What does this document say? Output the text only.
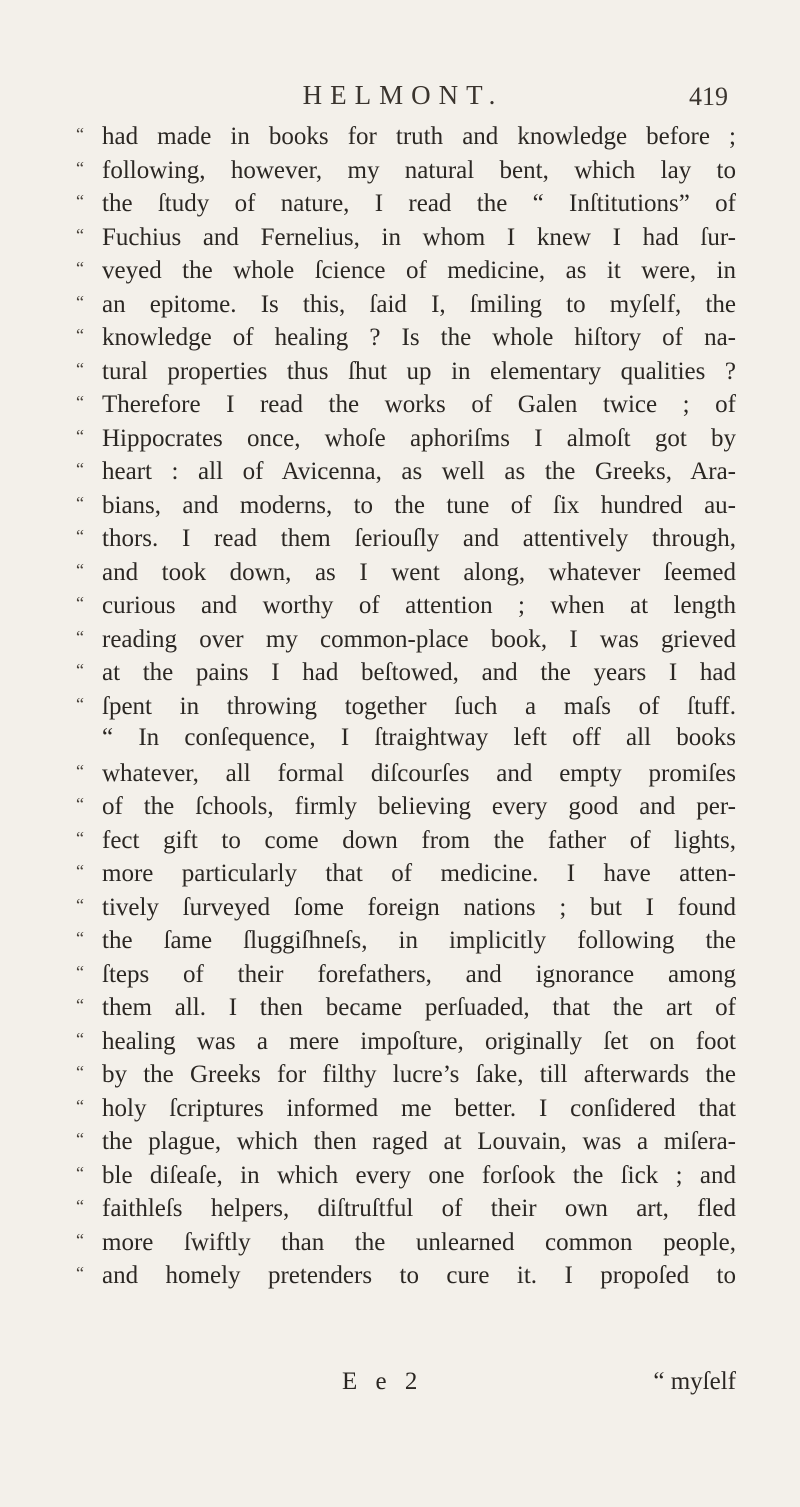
HELMONT.	419
“ had made in books for truth and knowledge before ;
“ following, however, my natural bent, which lay to
“ the ſtudy of nature, I read the “ Inſtitutions” of
“ Fuchius and Fernelius, in whom I knew I had ſur-
“ veyed the whole ſcience of medicine, as it were, in
“ an epitome. Is this, ſaid I, ſmiling to myſelf, the
“ knowledge of healing ? Is the whole hiſtory of na-
“ tural properties thus ſhut up in elementary qualities ?
“ Therefore I read the works of Galen twice ; of
“ Hippocrates once, whoſe aphoriſms I almoſt got by
“ heart : all of Avicenna, as well as the Greeks, Ara-
“ bians, and moderns, to the tune of ſix hundred au-
“ thors. I read them ſeriouſly and attentively through,
“ and took down, as I went along, whatever ſeemed
“ curious and worthy of attention ; when at length
“ reading over my common-place book, I was grieved
“ at the pains I had beſtowed, and the years I had
“ ſpent in throwing together ſuch a maſs of ſtuff.
“ In conſequence, I ſtraightway left off all books
“ whatever, all formal diſcourſes and empty promiſes
“ of the ſchools, firmly believing every good and per-
“ fect gift to come down from the father of lights,
“ more particularly that of medicine. I have atten-
“ tively ſurveyed ſome foreign nations ; but I found
“ the ſame ſluggiſhneſs, in implicitly following the
“ ſteps of their forefathers, and ignorance among
“ them all. I then became perſuaded, that the art of
“ healing was a mere impoſture, originally ſet on foot
“ by the Greeks for filthy lucre’s ſake, till afterwards the
“ holy ſcriptures informed me better. I conſidered that
“ the plague, which then raged at Louvain, was a miſera-
“ ble diſeaſe, in which every one forſook the ſick ; and
“ faithleſs helpers, diſtruſtful of their own art, fled
“ more ſwiftly than the unlearned common people,
“ and homely pretenders to cure it. I propoſed to
E e 2	“ myſelf
